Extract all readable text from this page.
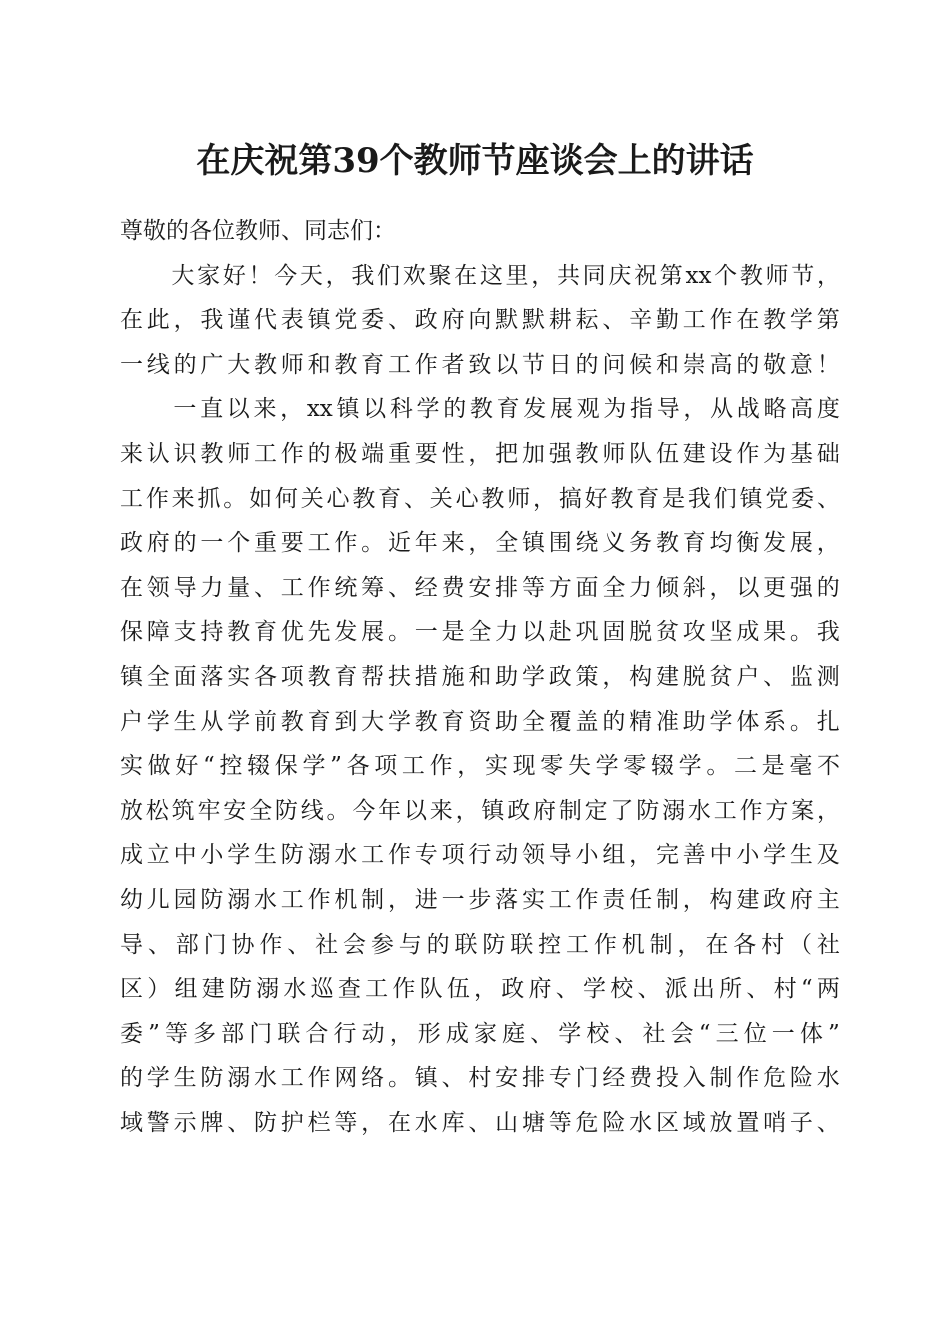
在庆祝第39个教师节座谈会上的讲话
尊敬的各位教师、同志们：

大 家 好 ！ 今 天 ， 我 们 欢 聚 在 这 里 ， 共 同 庆 祝 第 xx 个 教 师 节 ，
在 此 ， 我 谨 代 表 镇 党 委 、 政 府 向 默 默 耕 耘 、 辛 勤 工 作 在 教 学 第
一 线 的 广 大 教 师 和 教 育 工 作 者 致 以 节 日 的 问 候 和 崇 高 的 敬 意 ！

一 直 以 来 ， xx 镇 以 科 学 的 教 育 发 展 观 为 指 导 ， 从 战 略 高 度
来 认 识 教 师 工 作 的 极 端 重 要 性 ， 把 加 强 教 师 队 伍 建 设 作 为 基 础
工 作 来 抓 。 如 何 关 心 教 育 、 关 心 教 师 ， 搞 好 教 育 是 我 们 镇 党 委 、
政 府 的 一 个 重 要 工 作 。 近 年 来 ， 全 镇 围 绕 义 务 教 育 均 衡 发 展 ，
在 领 导 力 量 、 工 作 统 筹 、 经 费 安 排 等 方 面 全 力 倾 斜 ， 以 更 强 的
保 障 支 持 教 育 优 先 发 展 。 一 是 全 力 以 赴 巩 固 脱 贫 攻 坚 成 果 。 我
镇 全 面 落 实 各 项 教 育 帮 扶 措 施 和 助 学 政 策 ， 构 建 脱 贫 户 、 监 测
户 学 生 从 学 前 教 育 到 大 学 教 育 资 助 全 覆 盖 的 精 准 助 学 体 系 。 扎
实 做 好 “ 控 辍 保 学 ” 各 项 工 作 ， 实 现 零 失 学 零 辍 学 。 二 是 毫 不
放 松 筑 牢 安 全 防 线 。 今 年 以 来 ， 镇 政 府 制 定 了 防 溺 水 工 作 方 案 ，
成 立 中 小 学 生 防 溺 水 工 作 专 项 行 动 领 导 小 组 ， 完 善 中 小 学 生 及
幼 儿 园 防 溺 水 工 作 机 制 ， 进 一 步 落 实 工 作 责 任 制 ， 构 建 政 府 主
导 、 部 门 协 作 、 社 会 参 与 的 联 防 联 控 工 作 机 制 ， 在 各 村 （ 社
区 ） 组 建 防 溺 水 巡 查 工 作 队 伍 ， 政 府 、 学 校 、 派 出 所 、 村 “ 两
委 ” 等 多 部 门 联 合 行 动 ， 形 成 家 庭 、 学 校 、 社 会 “ 三 位 一 体 ”
的 学 生 防 溺 水 工 作 网 络 。 镇 、 村 安 排 专 门 经 费 投 入 制 作 危 险 水
域 警 示 牌 、 防 护 栏 等 ， 在 水 库 、 山 塘 等 危 险 水 区 域 放 置 哨 子 、
